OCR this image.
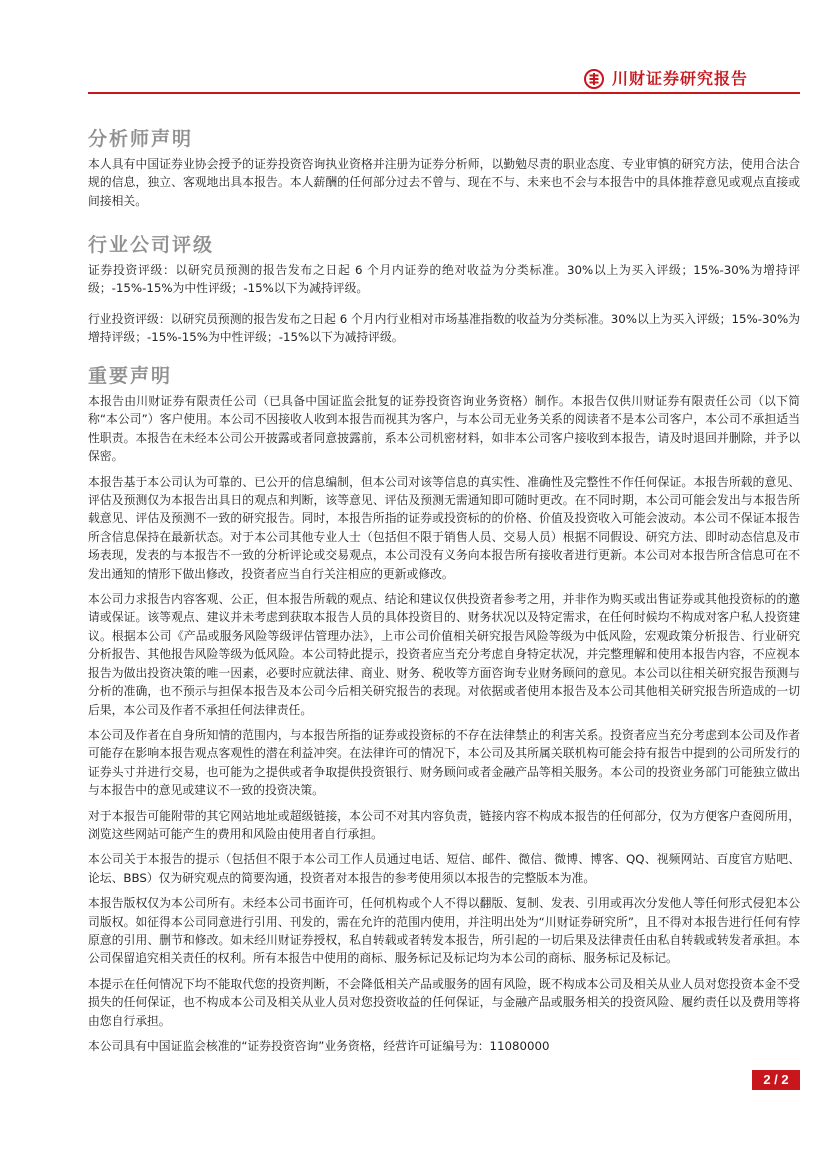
川财证券研究报告
分析师声明

本人具有中国证券业协会授予的证券投资咨询执业资格并注册为证券分析师，以勤勉尽责的职业态度、专业审慎的研究方法，使用合法合规的信息，独立、客观地出具本报告。本人薪酬的任何部分过去不曾与、现在不与、未来也不会与本报告中的具体推荐意见或观点直接或间接相关。

行业公司评级

证券投资评级：以研究员预测的报告发布之日起 6 个月内证券的绝对收益为分类标准。30%以上为买入评级；15%-30%为增持评级；-15%-15%为中性评级；-15%以下为减持评级。

行业投资评级：以研究员预测的报告发布之日起 6 个月内行业相对市场基准指数的收益为分类标准。30%以上为买入评级；15%-30%为增持评级；-15%-15%为中性评级；-15%以下为减持评级。

重要声明

本报告由川财证券有限责任公司（已具备中国证监会批复的证券投资咨询业务资格）制作。本报告仅供川财证券有限责任公司（以下简称“本公司”）客户使用。本公司不因接收人收到本报告而视其为客户，与本公司无业务关系的阅读者不是本公司客户，本公司不承担适当性职责。本报告在未经本公司公开披露或者同意披露前，系本公司机密材料，如非本公司客户接收到本报告，请及时退回并删除，并予以保密。

本报告基于本公司认为可靠的、已公开的信息编制，但本公司对该等信息的真实性、准确性及完整性不作任何保证。本报告所载的意见、评估及预测仅为本报告出具日的观点和判断，该等意见、评估及预测无需通知即可随时更改。在不同时期，本公司可能会发出与本报告所载意见、评估及预测不一致的研究报告。同时，本报告所指的证券或投资标的的价格、价值及投资收入可能会波动。本公司不保证本报告所含信息保持在最新状态。对于本公司其他专业人士（包括但不限于销售人员、交易人员）根据不同假设、研究方法、即时动态信息及市场表现，发表的与本报告不一致的分析评论或交易观点，本公司没有义务向本报告所有接收者进行更新。本公司对本报告所含信息可在不发出通知的情形下做出修改，投资者应当自行关注相应的更新或修改。

本公司力求报告内容客观、公正，但本报告所载的观点、结论和建议仅供投资者参考之用，并非作为购买或出售证券或其他投资标的的邀请或保证。该等观点、建议并未考虑到获取本报告人员的具体投资目的、财务状况以及特定需求，在任何时候均不构成对客户私人投资建议。根据本公司《产品或服务风险等级评估管理办法》，上市公司价值相关研究报告风险等级为中低风险，宏观政策分析报告、行业研究分析报告、其他报告风险等级为低风险。本公司特此提示，投资者应当充分考虑自身特定状况，并完整理解和使用本报告内容，不应视本报告为做出投资决策的唯一因素，必要时应就法律、商业、财务、税收等方面咨询专业财务顾问的意见。本公司以往相关研究报告预测与分析的准确，也不预示与担保本报告及本公司今后相关研究报告的表现。对依据或者使用本报告及本公司其他相关研究报告所造成的一切后果，本公司及作者不承担任何法律责任。

本公司及作者在自身所知情的范围内，与本报告所指的证券或投资标的不存在法律禁止的利害关系。投资者应当充分考虑到本公司及作者可能存在影响本报告观点客观性的潜在利益冲突。在法律许可的情况下，本公司及其所属关联机构可能会持有报告中提到的公司所发行的证券头寸并进行交易，也可能为之提供或者争取提供投资银行、财务顾问或者金融产品等相关服务。本公司的投资业务部门可能独立做出与本报告中的意见或建议不一致的投资决策。

对于本报告可能附带的其它网站地址或超级链接，本公司不对其内容负责，链接内容不构成本报告的任何部分，仅为方便客户查阅所用，浏览这些网站可能产生的费用和风险由使用者自行承担。

本公司关于本报告的提示（包括但不限于本公司工作人员通过电话、短信、邮件、微信、微博、博客、QQ、视频网站、百度官方贴吧、论坛、BBS）仅为研究观点的简要沟通，投资者对本报告的参考使用须以本报告的完整版本为准。

本报告版权仅为本公司所有。未经本公司书面许可，任何机构或个人不得以翻版、复制、发表、引用或再次分发他人等任何形式侵犯本公司版权。如征得本公司同意进行引用、刊发的，需在允许的范围内使用，并注明出处为“川财证券研究所”，且不得对本报告进行任何有悖原意的引用、删节和修改。如未经川财证券授权，私自转载或者转发本报告，所引起的一切后果及法律责任由私自转载或转发者承担。本公司保留追究相关责任的权利。所有本报告中使用的商标、服务标记及标记均为本公司的商标、服务标记及标记。

本提示在任何情况下均不能取代您的投资判断，不会降低相关产品或服务的固有风险，既不构成本公司及相关从业人员对您投资本金不受损失的任何保证，也不构成本公司及相关从业人员对您投资收益的任何保证，与金融产品或服务相关的投资风险、履约责任以及费用等将由您自行承担。

本公司具有中国证监会核准的“证券投资咨询”业务资格，经营许可证编号为：11080000

2 / 2
